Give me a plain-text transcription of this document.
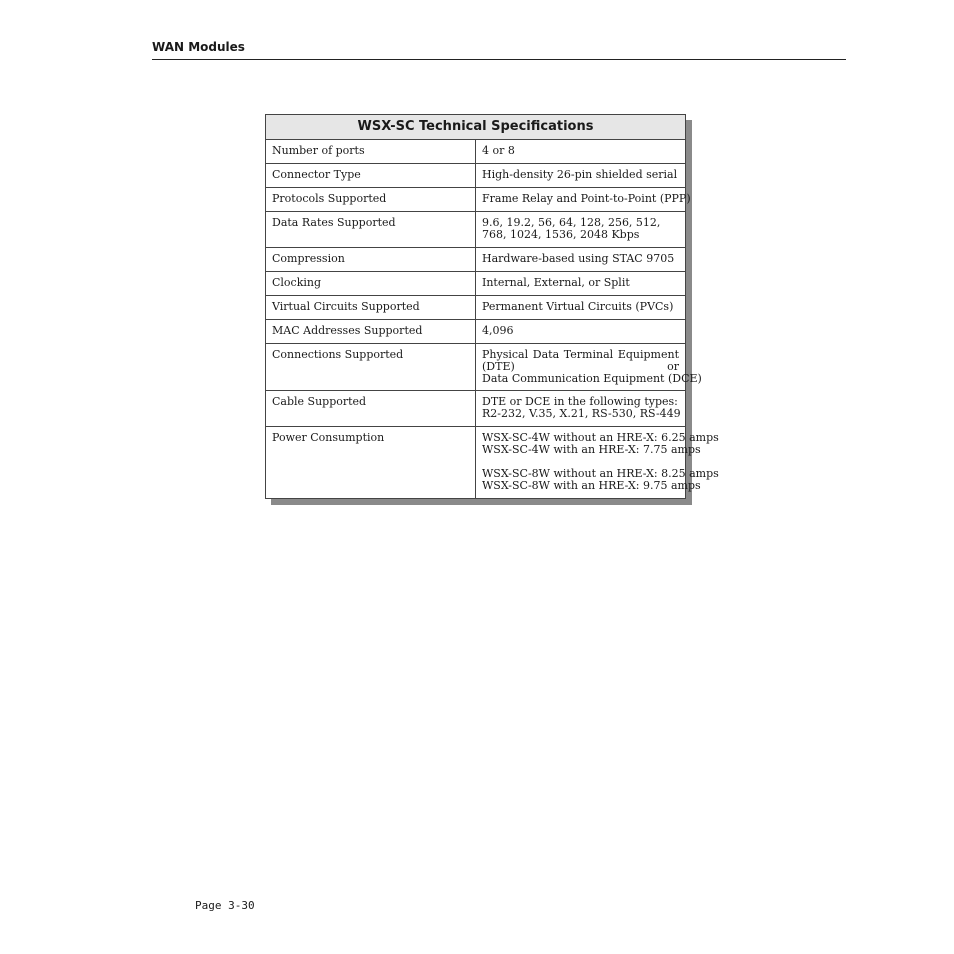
WAN Modules
WSX-SC Technical Specifications	
Number of ports	4 or 8

Connector Type	High-density 26-pin shielded serial

Protocols Supported	Frame Relay and Point-to-Point (PPP)

Data Rates Supported	9.6, 19.2, 56, 64, 128, 256, 512,
768, 1024, 1536, 2048 Kbps

Compression	Hardware-based using STAC 9705

Clocking	Internal, External, or Split

Virtual Circuits Supported	Permanent Virtual Circuits (PVCs)

MAC Addresses Supported	4,096

Connections Supported	Physical Data Terminal Equipment (DTE) or
Data Communication Equipment (DCE)

Cable Supported	DTE or DCE in the following types:
R2-232, V.35, X.21, RS-530, RS-449

Power Consumption	WSX-SC-4W without an HRE-X: 6.25 amps
WSX-SC-4W with an HRE-X: 7.75 amps
WSX-SC-8W without an HRE-X: 8.25 amps
WSX-SC-8W with an HRE-X: 9.75 amps
Page 3-30
